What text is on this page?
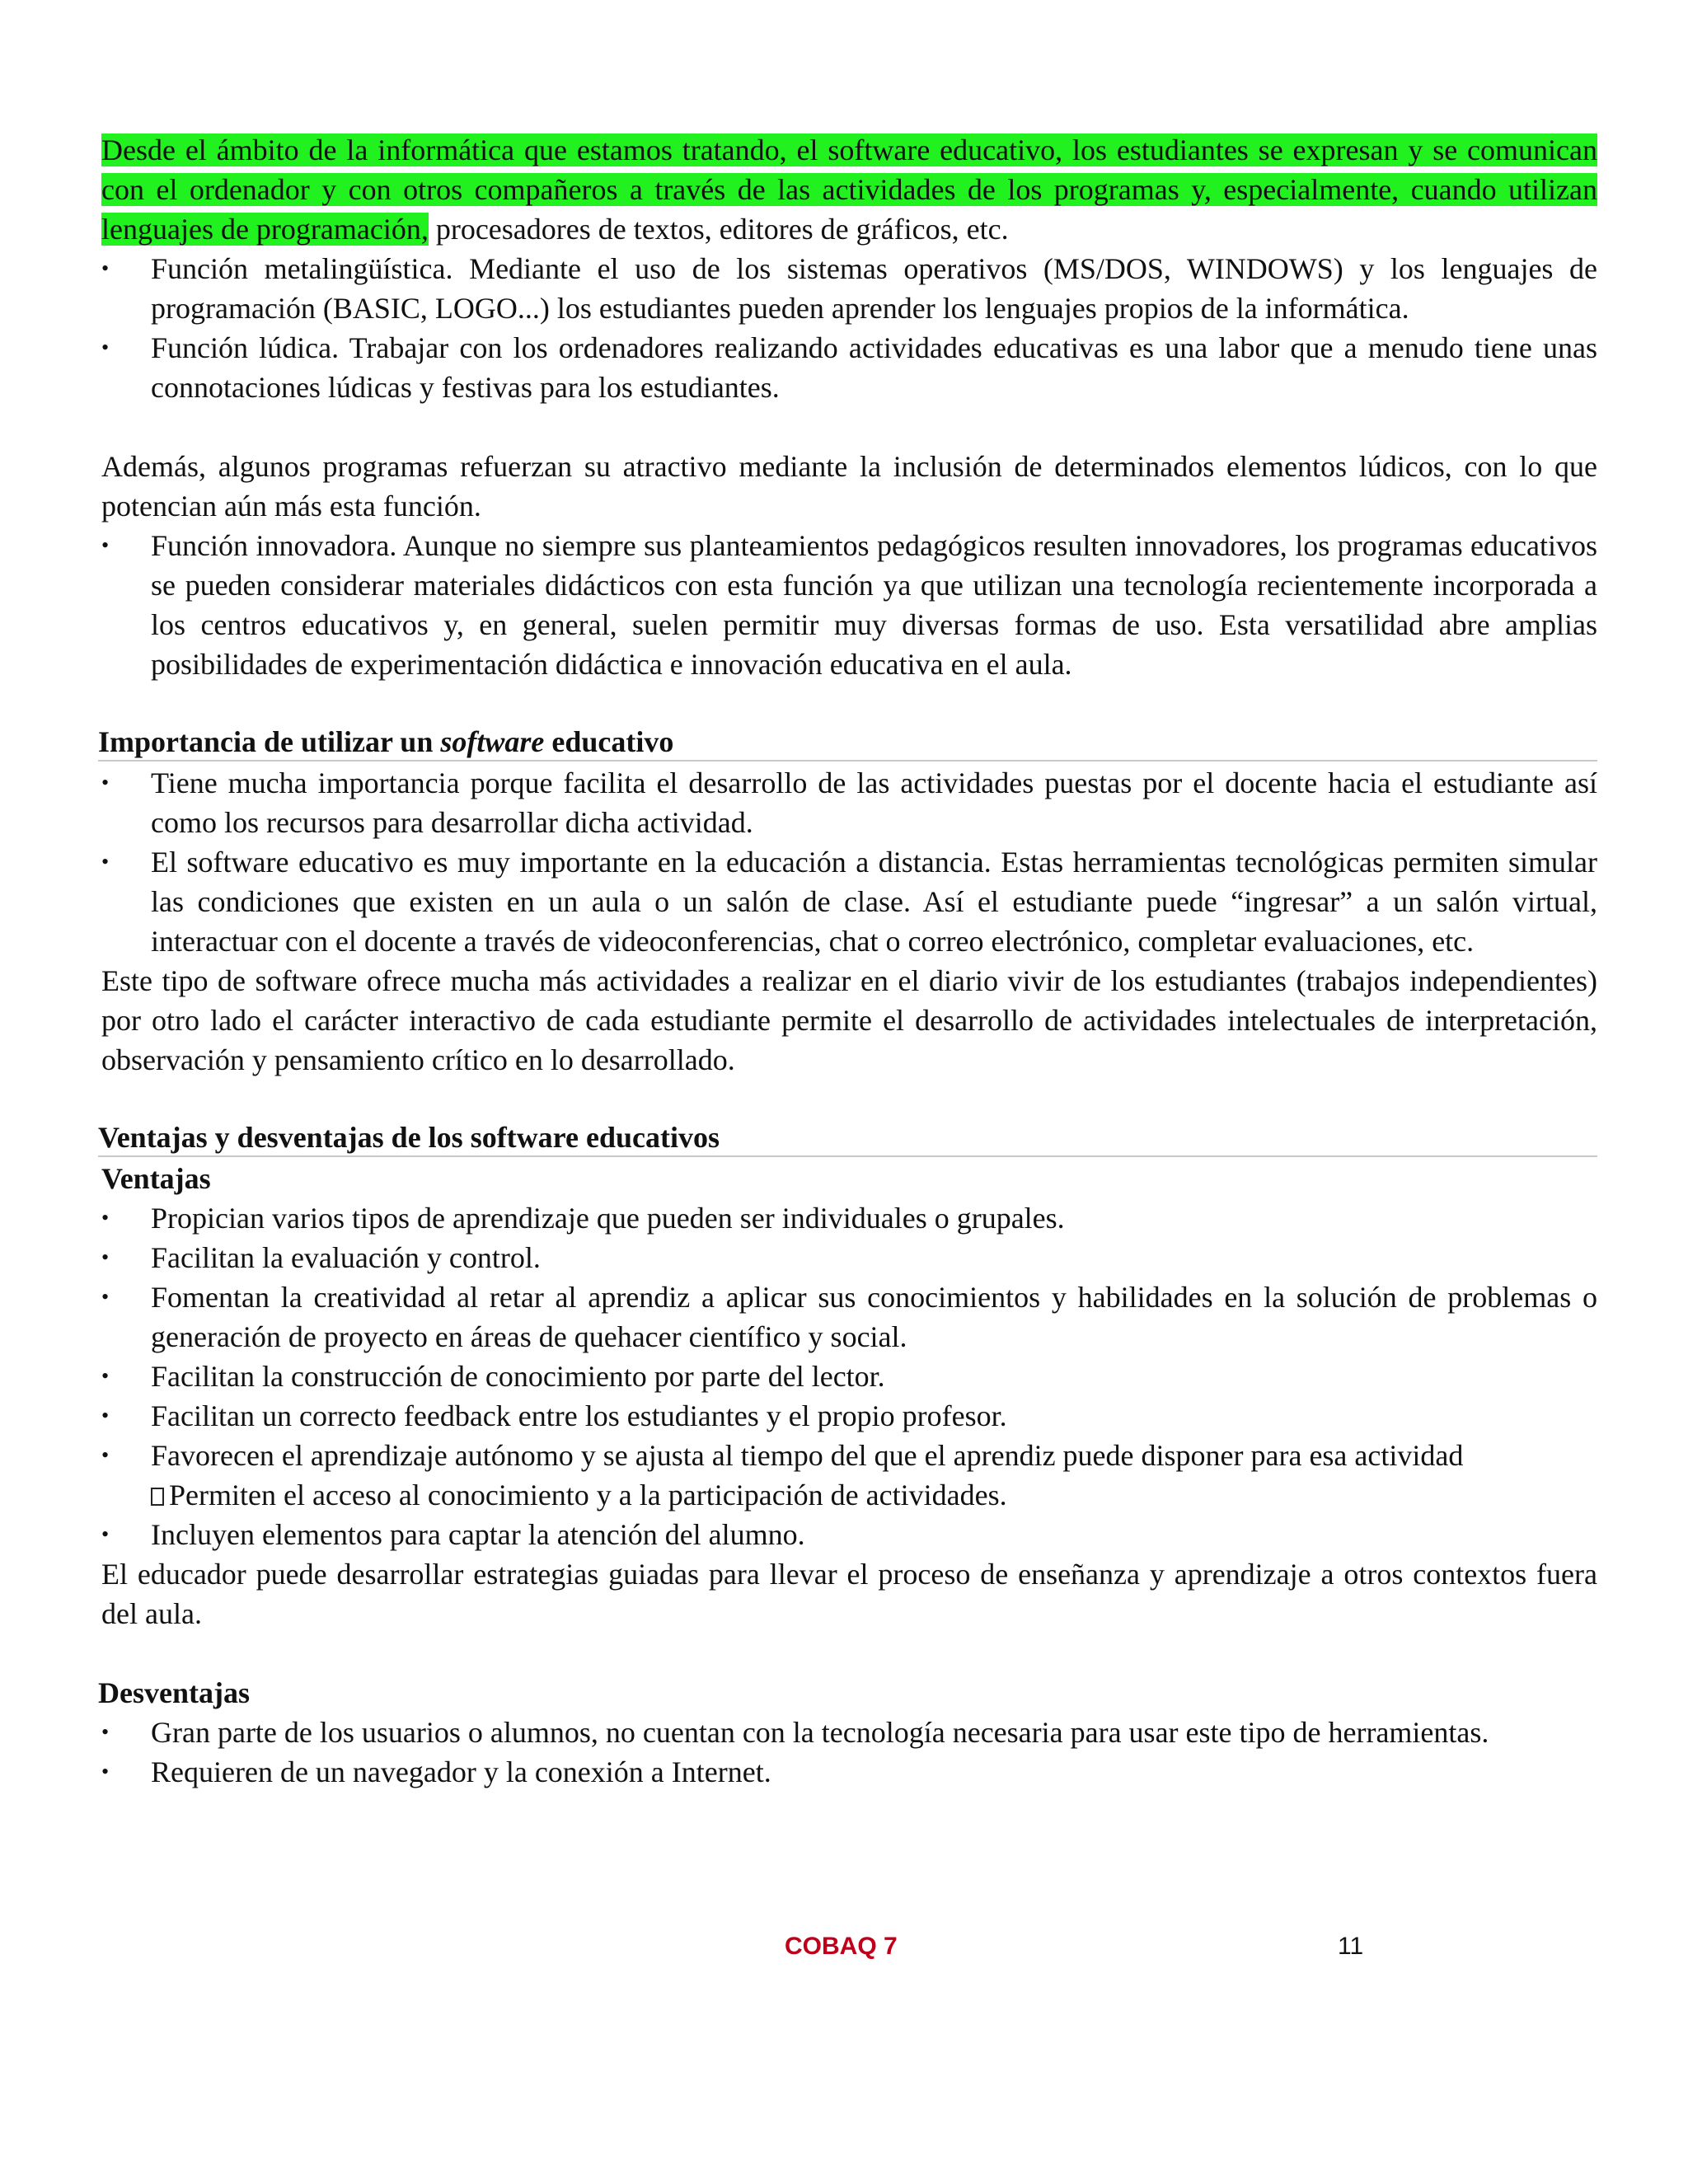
Desde el ámbito de la informática que estamos tratando, el software educativo, los estudiantes se expresan y se comunican con el ordenador y con otros compañeros a través de las actividades de los programas y, especialmente, cuando utilizan lenguajes de programación, procesadores de textos, editores de gráficos, etc.

• Función metalingüística. Mediante el uso de los sistemas operativos (MS/DOS, WINDOWS) y los lenguajes de programación (BASIC, LOGO...) los estudiantes pueden aprender los lenguajes propios de la informática.
• Función lúdica. Trabajar con los ordenadores realizando actividades educativas es una labor que a menudo tiene unas connotaciones lúdicas y festivas para los estudiantes.

Además, algunos programas refuerzan su atractivo mediante la inclusión de determinados elementos lúdicos, con lo que potencian aún más esta función.

• Función innovadora. Aunque no siempre sus planteamientos pedagógicos resulten innovadores, los programas educativos se pueden considerar materiales didácticos con esta función ya que utilizan una tecnología recientemente incorporada a los centros educativos y, en general, suelen permitir muy diversas formas de uso. Esta versatilidad abre amplias posibilidades de experimentación didáctica e innovación educativa en el aula.
Importancia de utilizar un software educativo
• Tiene mucha importancia porque facilita el desarrollo de las actividades puestas por el docente hacia el estudiante así como los recursos para desarrollar dicha actividad.
• El software educativo es muy importante en la educación a distancia. Estas herramientas tecnológicas permiten simular las condiciones que existen en un aula o un salón de clase. Así el estudiante puede “ingresar” a un salón virtual, interactuar con el docente a través de videoconferencias, chat o correo electrónico, completar evaluaciones, etc.

Este tipo de software ofrece mucha más actividades a realizar en el diario vivir de los estudiantes (trabajos independientes) por otro lado el carácter interactivo de cada estudiante permite el desarrollo de actividades intelectuales de interpretación, observación y pensamiento crítico en lo desarrollado.

Ventajas y desventajas de los software educativos
Ventajas
• Propician varios tipos de aprendizaje que pueden ser individuales o grupales.
• Facilitan la evaluación y control.
• Fomentan la creatividad al retar al aprendiz a aplicar sus conocimientos y habilidades en la solución de problemas o generación de proyecto en áreas de quehacer científico y social.
• Facilitan la construcción de conocimiento por parte del lector.
• Facilitan un correcto feedback entre los estudiantes y el propio profesor.
• Favorecen el aprendizaje autónomo y se ajusta al tiempo del que el aprendiz puede disponer para esa actividad
Permiten el acceso al conocimiento y a la participación de actividades.
• Incluyen elementos para captar la atención del alumno.

El educador puede desarrollar estrategias guiadas para llevar el proceso de enseñanza y aprendizaje a otros contextos fuera del aula.

Desventajas
• Gran parte de los usuarios o alumnos, no cuentan con la tecnología necesaria para usar este tipo de herramientas.
• Requieren de un navegador y la conexión a Internet.
COBAQ 7	11
